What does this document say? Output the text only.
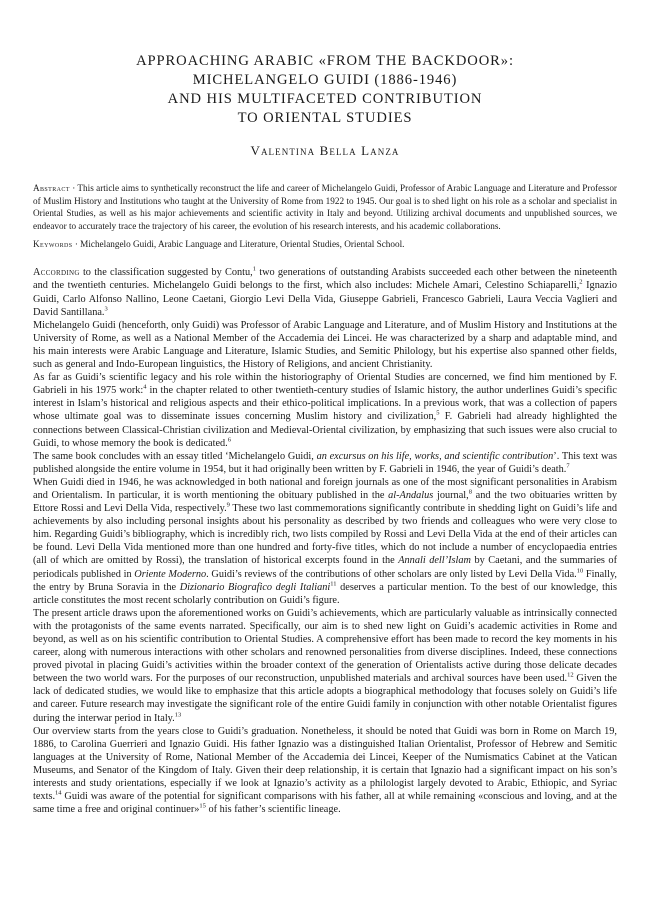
APPROACHING ARABIC «FROM THE BACKDOOR»:
MICHELANGELO GUIDI (1886-1946)
AND HIS MULTIFACETED CONTRIBUTION
TO ORIENTAL STUDIES
Valentina Bella Lanza
Abstract · This article aims to synthetically reconstruct the life and career of Michelangelo Guidi, Professor of Arabic Language and Literature and Professor of Muslim History and Institutions who taught at the University of Rome from 1922 to 1945. Our goal is to shed light on his role as a scholar and specialist in Oriental Studies, as well as his major achievements and scientific activity in Italy and beyond. Utilizing archival documents and unpublished sources, we endeavor to accurately trace the trajectory of his career, the evolution of his research interests, and his academic collaborations.
Keywords · Michelangelo Guidi, Arabic Language and Literature, Oriental Studies, Oriental School.

According to the classification suggested by Contu,$^1$ two generations of outstanding Arabists succeeded each other between the nineteenth and the twentieth centuries. Michelangelo Guidi belongs to the first, which also includes: Michele Amari, Celestino Schiaparelli,$^2$ Ignazio Guidi, Carlo Alfonso Nallino, Leone Caetani, Giorgio Levi Della Vida, Giuseppe Gabrieli, Francesco Gabrieli, Laura Veccia Vaglieri and David Santillana.$^3$

Michelangelo Guidi (henceforth, only Guidi) was Professor of Arabic Language and Literature, and of Muslim History and Institutions at the University of Rome, as well as a National Member of the Accademia dei Lincei. He was characterized by a sharp and adaptable mind, and his main interests were Arabic Language and Literature, Islamic Studies, and Semitic Philology, but his expertise also spanned other fields, such as general and Indo-European linguistics, the History of Religions, and ancient Christianity.

As far as Guidi’s scientific legacy and his role within the historiography of Oriental Studies are concerned, we find him mentioned by F. Gabrieli in his 1975 work:$^4$ in the chapter related to other twentieth-century studies of Islamic history, the author underlines Guidi’s specific interest in Islam’s historical and religious aspects and their ethico-political implications. In a previous work, that was a collection of papers whose ultimate goal was to disseminate issues concerning Muslim history and civilization,$^5$ F. Gabrieli had already highlighted the connections between Classical-Christian civilization and Medieval-Oriental civilization, by emphasizing that such issues were also crucial to Guidi, to whose memory the book is dedicated.$^6$

The same book concludes with an essay titled ‘Michelangelo Guidi, an excursus on his life, works, and scientific contribution’. This text was published alongside the entire volume in 1954, but it had originally been written by F. Gabrieli in 1946, the year of Guidi’s death.$^7$

When Guidi died in 1946, he was acknowledged in both national and foreign journals as one of the most significant personalities in Arabism and Orientalism. In particular, it is worth mentioning the obituary published in the al-Andalus journal,$^8$ and the two obituaries written by Ettore Rossi and Levi Della Vida, respectively.$^9$ These two last commemorations significantly contribute in shedding light on Guidi’s life and achievements by also including personal insights about his personality as described by two friends and colleagues who were very close to him. Regarding Guidi’s bibliography, which is incredibly rich, two lists compiled by Rossi and Levi Della Vida at the end of their articles can be found. Levi Della Vida mentioned more than one hundred and forty-five titles, which do not include a number of encyclopaedia entries (all of which are omitted by Rossi), the translation of historical excerpts found in the Annali dell’Islam by Caetani, and the summaries of periodicals published in Oriente Moderno. Guidi’s reviews of the contributions of other scholars are only listed by Levi Della Vida.$^{10}$ Finally, the entry by Bruna Soravia in the Dizionario Biografico degli Italiani$^{11}$ deserves a particular mention. To the best of our knowledge, this article constitutes the most recent scholarly contribution on Guidi’s figure.

The present article draws upon the aforementioned works on Guidi’s achievements, which are particularly valuable as intrinsically connected with the protagonists of the same events narrated. Specifically, our aim is to shed new light on Guidi’s academic activities in Rome and beyond, as well as on his scientific contribution to Oriental Studies. A comprehensive effort has been made to record the key moments in his career, along with numerous interactions with other scholars and renowned personalities from diverse disciplines. Indeed, these connections proved pivotal in placing Guidi’s activities within the broader context of the generation of Orientalists active during those delicate decades between the two world wars. For the purposes of our reconstruction, unpublished materials and archival sources have been used.$^{12}$ Given the lack of dedicated studies, we would like to emphasize that this article adopts a biographical methodology that focuses solely on Guidi’s life and career. Future research may investigate the significant role of the entire Guidi family in conjunction with other notable Orientalist figures during the interwar period in Italy.$^{13}$

Our overview starts from the years close to Guidi’s graduation. Nonetheless, it should be noted that Guidi was born in Rome on March 19, 1886, to Carolina Guerrieri and Ignazio Guidi. His father Ignazio was a distinguished Italian Orientalist, Professor of Hebrew and Semitic languages at the University of Rome, National Member of the Accademia dei Lincei, Keeper of the Numismatics Cabinet at the Vatican Museums, and Senator of the Kingdom of Italy. Given their deep relationship, it is certain that Ignazio had a significant impact on his son’s interests and study orientations, especially if we look at Ignazio’s activity as a philologist largely devoted to Arabic, Ethiopic, and Syriac texts.$^{14}$ Guidi was aware of the potential for significant comparisons with his father, all at while remaining «conscious and loving, and at the same time a free and original continuer»$^{15}$ of his father’s scientific lineage.
